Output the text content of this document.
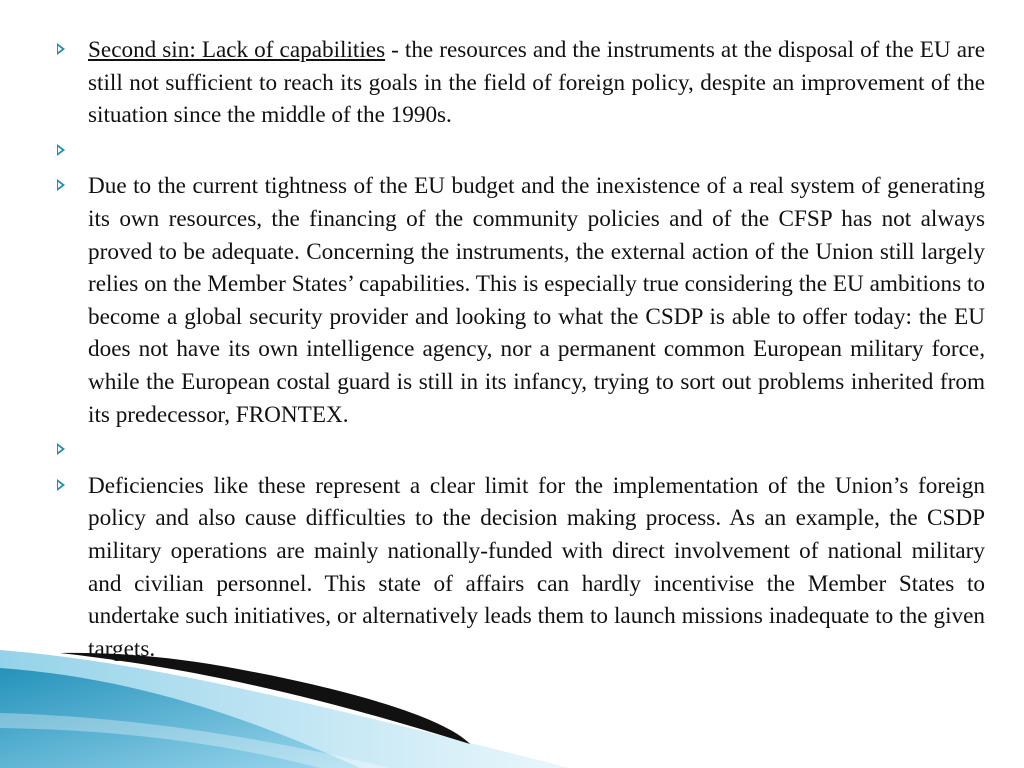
Second sin: Lack of capabilities - the resources and the instruments at the disposal of the EU are still not sufficient to reach its goals in the field of foreign policy, despite an improvement of the situation since the middle of the 1990s.
Due to the current tightness of the EU budget and the inexistence of a real system of generating its own resources, the financing of the community policies and of the CFSP has not always proved to be adequate. Concerning the instruments, the external action of the Union still largely relies on the Member States’ capabilities. This is especially true considering the EU ambitions to become a global security provider and looking to what the CSDP is able to offer today: the EU does not have its own intelligence agency, nor a permanent common European military force, while the European costal guard is still in its infancy, trying to sort out problems inherited from its predecessor, FRONTEX.
Deficiencies like these represent a clear limit for the implementation of the Union’s foreign policy and also cause difficulties to the decision making process. As an example, the CSDP military operations are mainly nationally-funded with direct involvement of national military and civilian personnel. This state of affairs can hardly incentivise the Member States to undertake such initiatives, or alternatively leads them to launch missions inadequate to the given targets.
